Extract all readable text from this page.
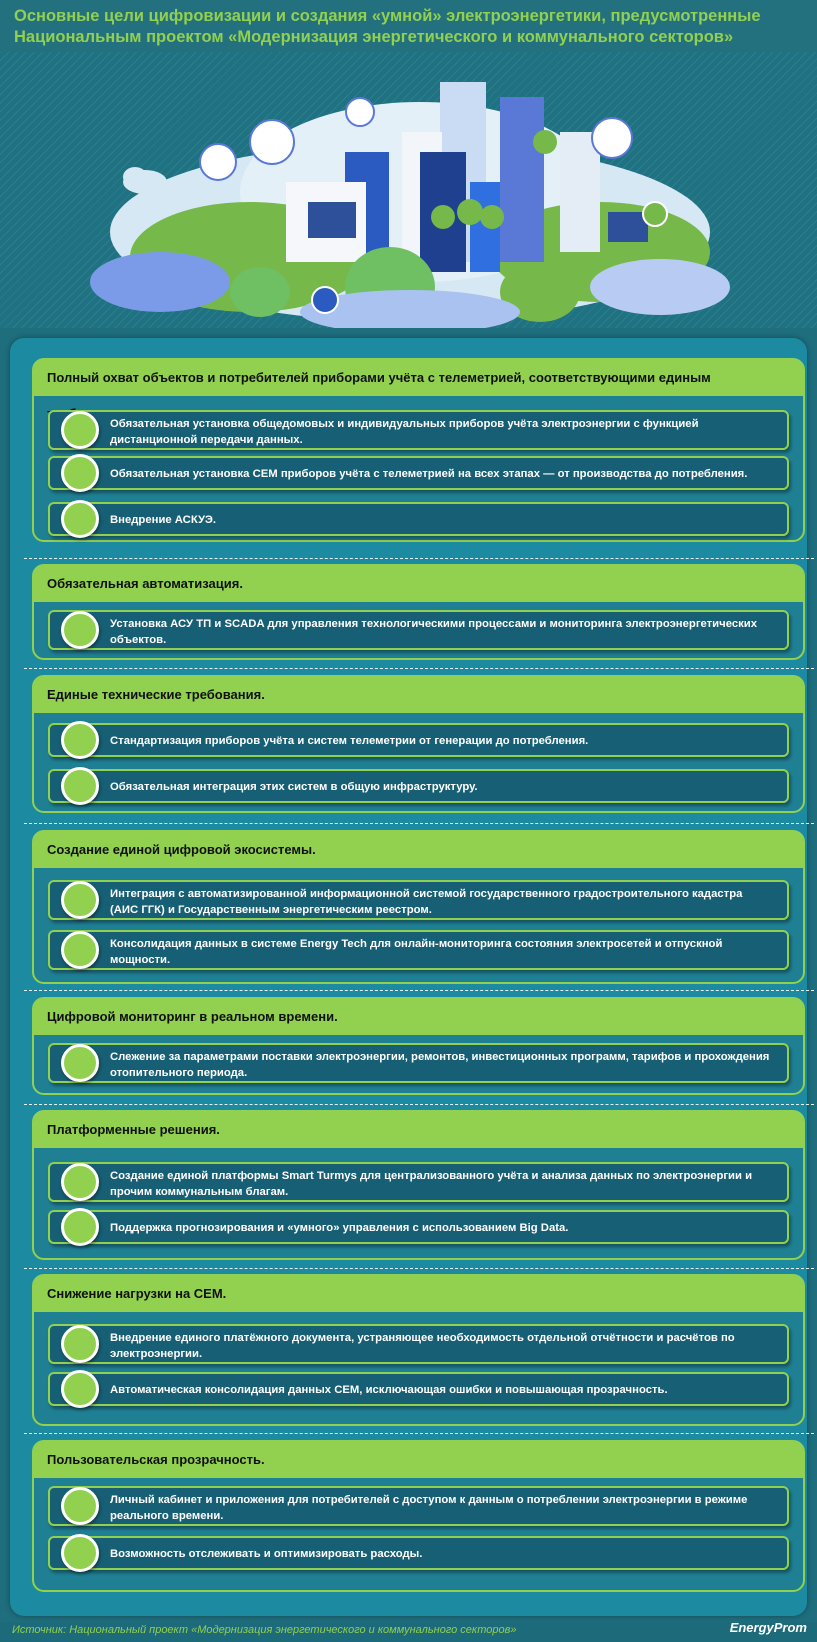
Основные цели цифровизации и создания «умной» электроэнергетики, предусмотренные Национальным проектом «Модернизация энергетического и коммунального секторов»
Полный охват объектов и потребителей приборами учёта с телеметрией, соответствующими единым
Обязательная установка общедомовых и индивидуальных приборов учёта электроэнергии с функцией дистанционной передачи данных.
Обязательная установка СЕМ приборов учёта с телеметрией на всех этапах — от производства до потребления.
Внедрение АСКУЭ.
Обязательная автоматизация.
Установка АСУ ТП и SCADA для управления технологическими процессами и мониторинга электроэнергетических объектов.
Единые технические требования.
Стандартизация приборов учёта и систем телеметрии от генерации до потребления.
Обязательная интеграция этих систем в общую инфраструктуру.
Создание единой цифровой экосистемы.
Интеграция с автоматизированной информационной системой государственного градостроительного кадастра (АИС ГГК) и Государственным энергетическим реестром.
Консолидация данных в системе Energy Tech для онлайн-мониторинга состояния электросетей и отпускной мощности.
Цифровой мониторинг в реальном времени.
Слежение за параметрами поставки электроэнергии, ремонтов, инвестиционных программ, тарифов и прохождения отопительного периода.
Платформенные решения.
Создание единой платформы Smart Turmys для централизованного учёта и анализа данных по электроэнергии и прочим коммунальным благам.
Поддержка прогнозирования и «умного» управления с использованием Big Data.
Снижение нагрузки на СЕМ.
Внедрение единого платёжного документа, устраняющее необходимость отдельной отчётности и расчётов по электроэнергии.
Автоматическая консолидация данных СЕМ, исключающая ошибки и повышающая прозрачность.
Пользовательская прозрачность.
Личный кабинет и приложения для потребителей с доступом к данным о потреблении электроэнергии в режиме реального времени.
Возможность отслеживать и оптимизировать расходы.
Источник: Национальный проект «Модернизация энергетического и коммунального секторов»	EnergyProm
